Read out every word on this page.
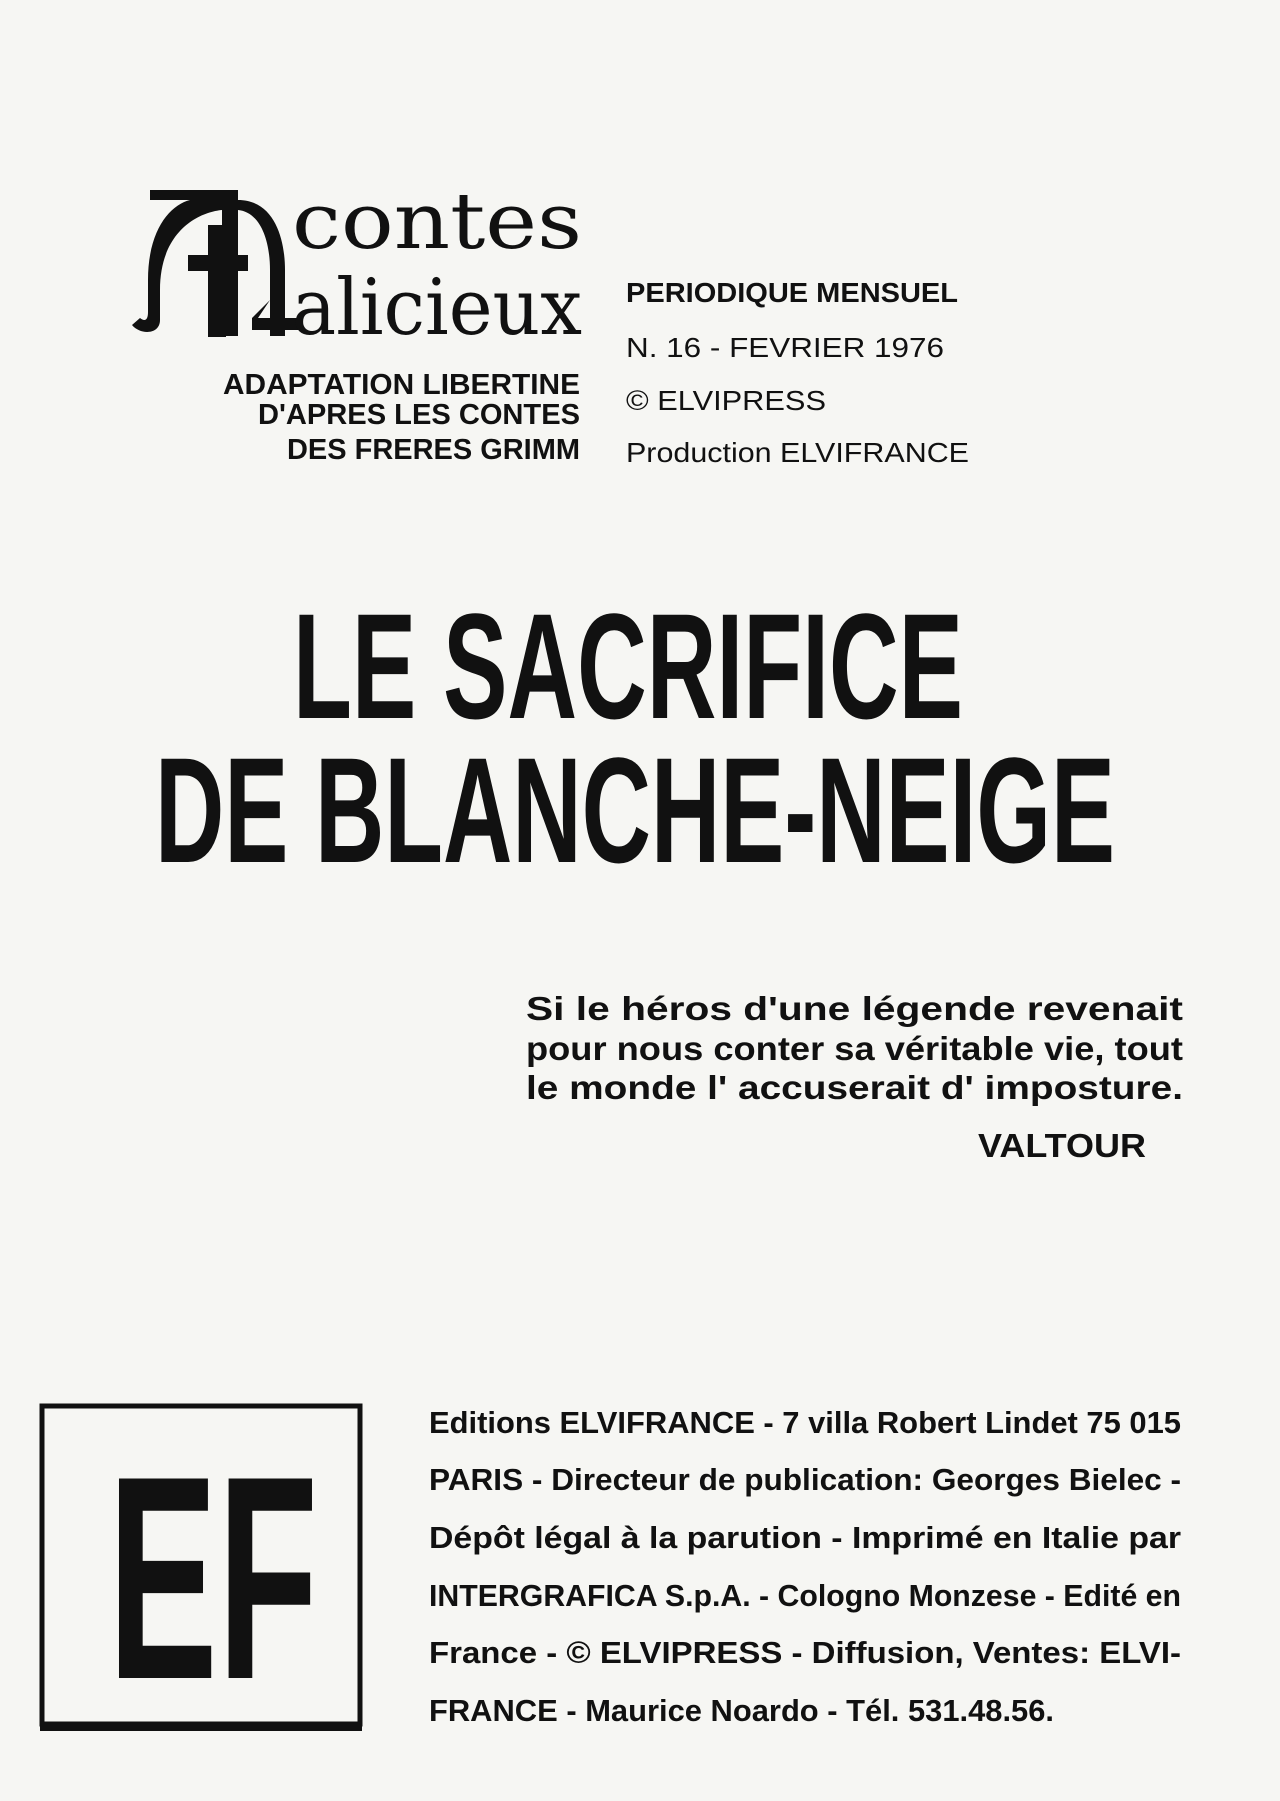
contes
alicieux
ADAPTATION LIBERTINE
D'APRES LES CONTES
DES FRERES GRIMM
PERIODIQUE MENSUEL
N. 16 - FEVRIER 1976
© ELVIPRESS
Production ELVIFRANCE
LE SACRIFICE
DE BLANCHE-NEIGE
Si le héros d'une légende revenait
pour nous conter sa véritable vie, tout
le monde l' accuserait d' imposture.
VALTOUR
EF	Editions ELVIFRANCE - 7 villa Robert Lindet 75 015
PARIS - Directeur de publication: Georges Bielec -
Dépôt légal à la parution - Imprimé en Italie par
INTERGRAFICA S.p.A. - Cologno Monzese - Edité en
France - © ELVIPRESS - Diffusion, Ventes: ELVI-
FRANCE - Maurice Noardo - Tél. 531.48.56.
